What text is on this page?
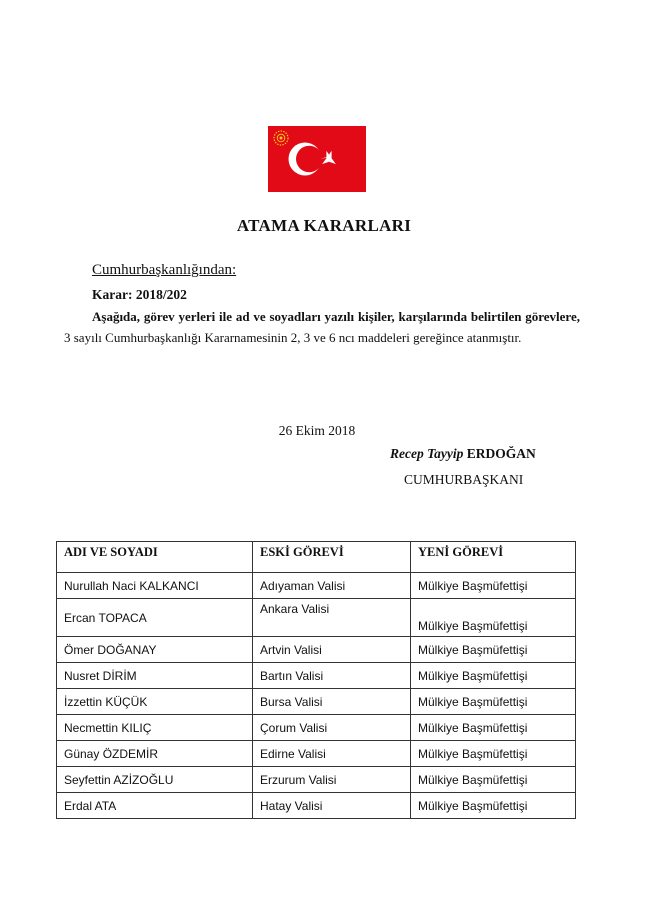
ATAMA KARARLARI
Cumhurbaşkanlığından:
Karar: 2018/202
Aşağıda, görev yerleri ile ad ve soyadları yazılı kişiler, karşılarında belirtilen görevlere, 3 sayılı Cumhurbaşkanlığı Kararnamesinin 2, 3 ve 6 ncı maddeleri gereğince atanmıştır.
26 Ekim 2018
Recep Tayyip ERDOĞAN
CUMHURBAŞKANI
ADI VE SOYADI	ESKİ GÖREVİ	YENİ GÖREVİ
Nurullah Naci KALKANCI	Adıyaman Valisi	Mülkiye Başmüfettişi
Ercan TOPACA	Ankara Valisi	Mülkiye Başmüfettişi
Ömer DOĞANAY	Artvin Valisi	Mülkiye Başmüfettişi
Nusret DİRİM	Bartın Valisi	Mülkiye Başmüfettişi
İzzettin KÜÇÜK	Bursa Valisi	Mülkiye Başmüfettişi
Necmettin KILIÇ	Çorum Valisi	Mülkiye Başmüfettişi
Günay ÖZDEMİR	Edirne Valisi	Mülkiye Başmüfettişi
Seyfettin AZİZOĞLU	Erzurum Valisi	Mülkiye Başmüfettişi
Erdal ATA	Hatay Valisi	Mülkiye Başmüfettişi
